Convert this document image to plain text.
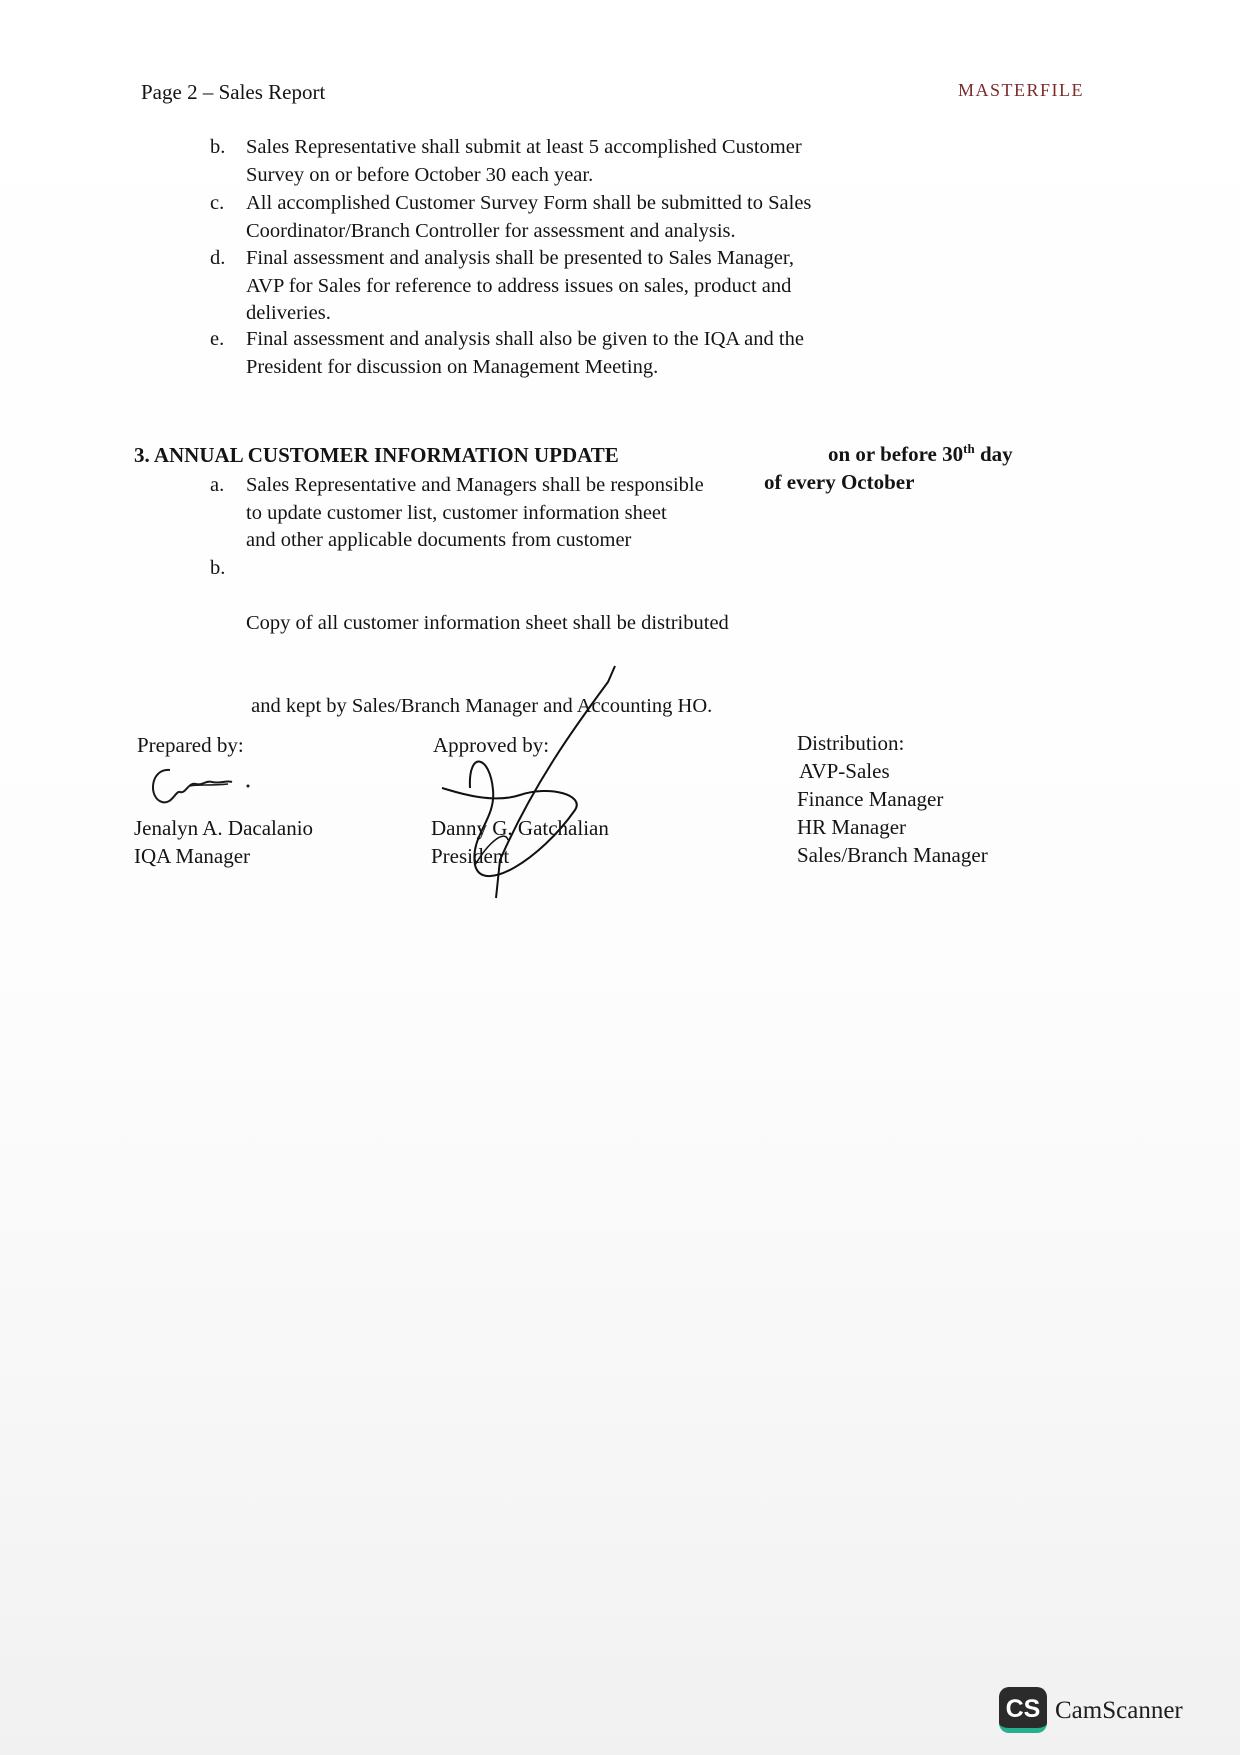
Page 2 – Sales Report	MASTERFILE
b.	Sales Representative shall submit at least 5 accomplished Customer
Survey on or before October 30 each year.
c.	All accomplished Customer Survey Form shall be submitted to Sales
Coordinator/Branch Controller for assessment and analysis.
d.	Final assessment and analysis shall be presented to Sales Manager,
AVP for Sales for reference to address issues on sales, product and
deliveries.
e.	Final assessment and analysis shall also be given to the IQA and the
President for discussion on Management Meeting.
3. ANNUAL CUSTOMER INFORMATION UPDATE	on or before 30th day
of every October
a.	Sales Representative and Managers shall be responsible
to update customer list, customer information sheet
and other applicable documents from customer
b.

Copy of all customer information sheet shall be distributed

and kept by Sales/Branch Manager and Accounting HO.

Prepared by:
Jenalyn A. Dacalanio
IQA Manager
Approved by:
Danny G. Gatchalian
President
Distribution:
AVP-Sales
Finance Manager
HR Manager
Sales/Branch Manager
CS CamScanner
